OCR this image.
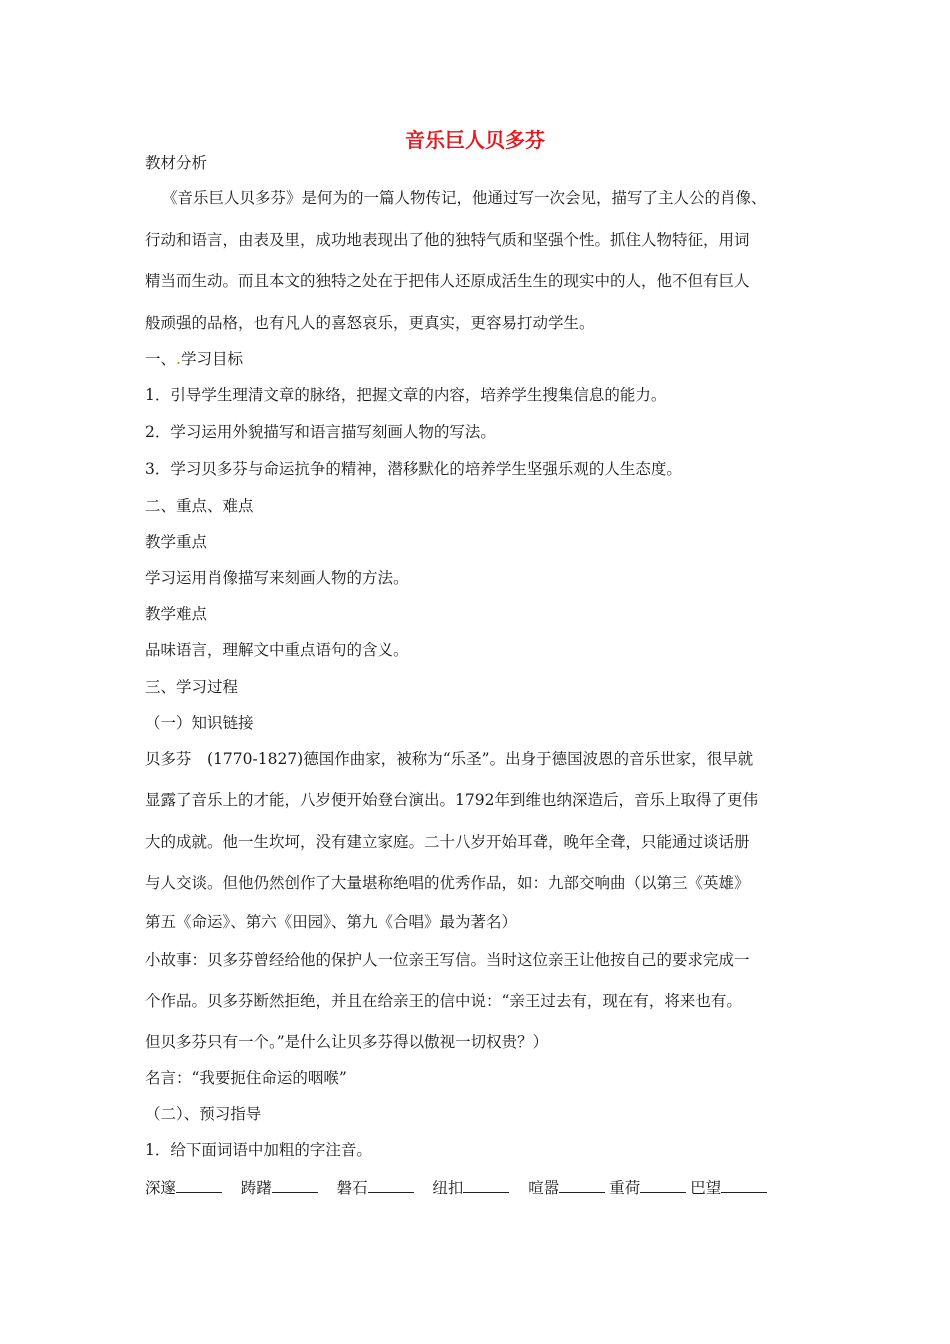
音乐巨人贝多芬
教材分析
《音乐巨人贝多芬》是何为的一篇人物传记，他通过写一次会见，描写了主人公的肖像、
行动和语言，由表及里，成功地表现出了他的独特气质和坚强个性。抓住人物特征，用词
精当而生动。而且本文的独特之处在于把伟人还原成活生生的现实中的人，他不但有巨人
般顽强的品格，也有凡人的喜怒哀乐，更真实，更容易打动学生。
一、.学习目标
1．引导学生理清文章的脉络，把握文章的内容，培养学生搜集信息的能力。
2．学习运用外貌描写和语言描写刻画人物的写法。
3．学习贝多芬与命运抗争的精神，潜移默化的培养学生坚强乐观的人生态度。
二、重点、难点
教学重点
学习运用肖像描写来刻画人物的方法。
教学难点
品味语言，理解文中重点语句的含义。
三、学习过程
（一）知识链接
贝多芬　(1770-1827)德国作曲家，被称为“乐圣”。出身于德国波恩的音乐世家，很早就
显露了音乐上的才能，八岁便开始登台演出。1792年到维也纳深造后，音乐上取得了更伟
大的成就。他一生坎坷，没有建立家庭。二十八岁开始耳聋，晚年全聋，只能通过谈话册
与人交谈。但他仍然创作了大量堪称绝唱的优秀作品，如：九部交响曲（以第三《英雄》
第五《命运》、第六《田园》、第九《合唱》最为著名）
小故事：贝多芬曾经给他的保护人一位亲王写信。当时这位亲王让他按自己的要求完成一
个作品。贝多芬断然拒绝，并且在给亲王的信中说：“亲王过去有，现在有，将来也有。
但贝多芬只有一个。”是什么让贝多芬得以傲视一切权贵？）
名言：“我要扼住命运的咽喉”
（二）、预习指导
1．给下面词语中加粗的字注音。
深邃	踌躇	磐石	纽扣	喧嚣	重荷	巴望
